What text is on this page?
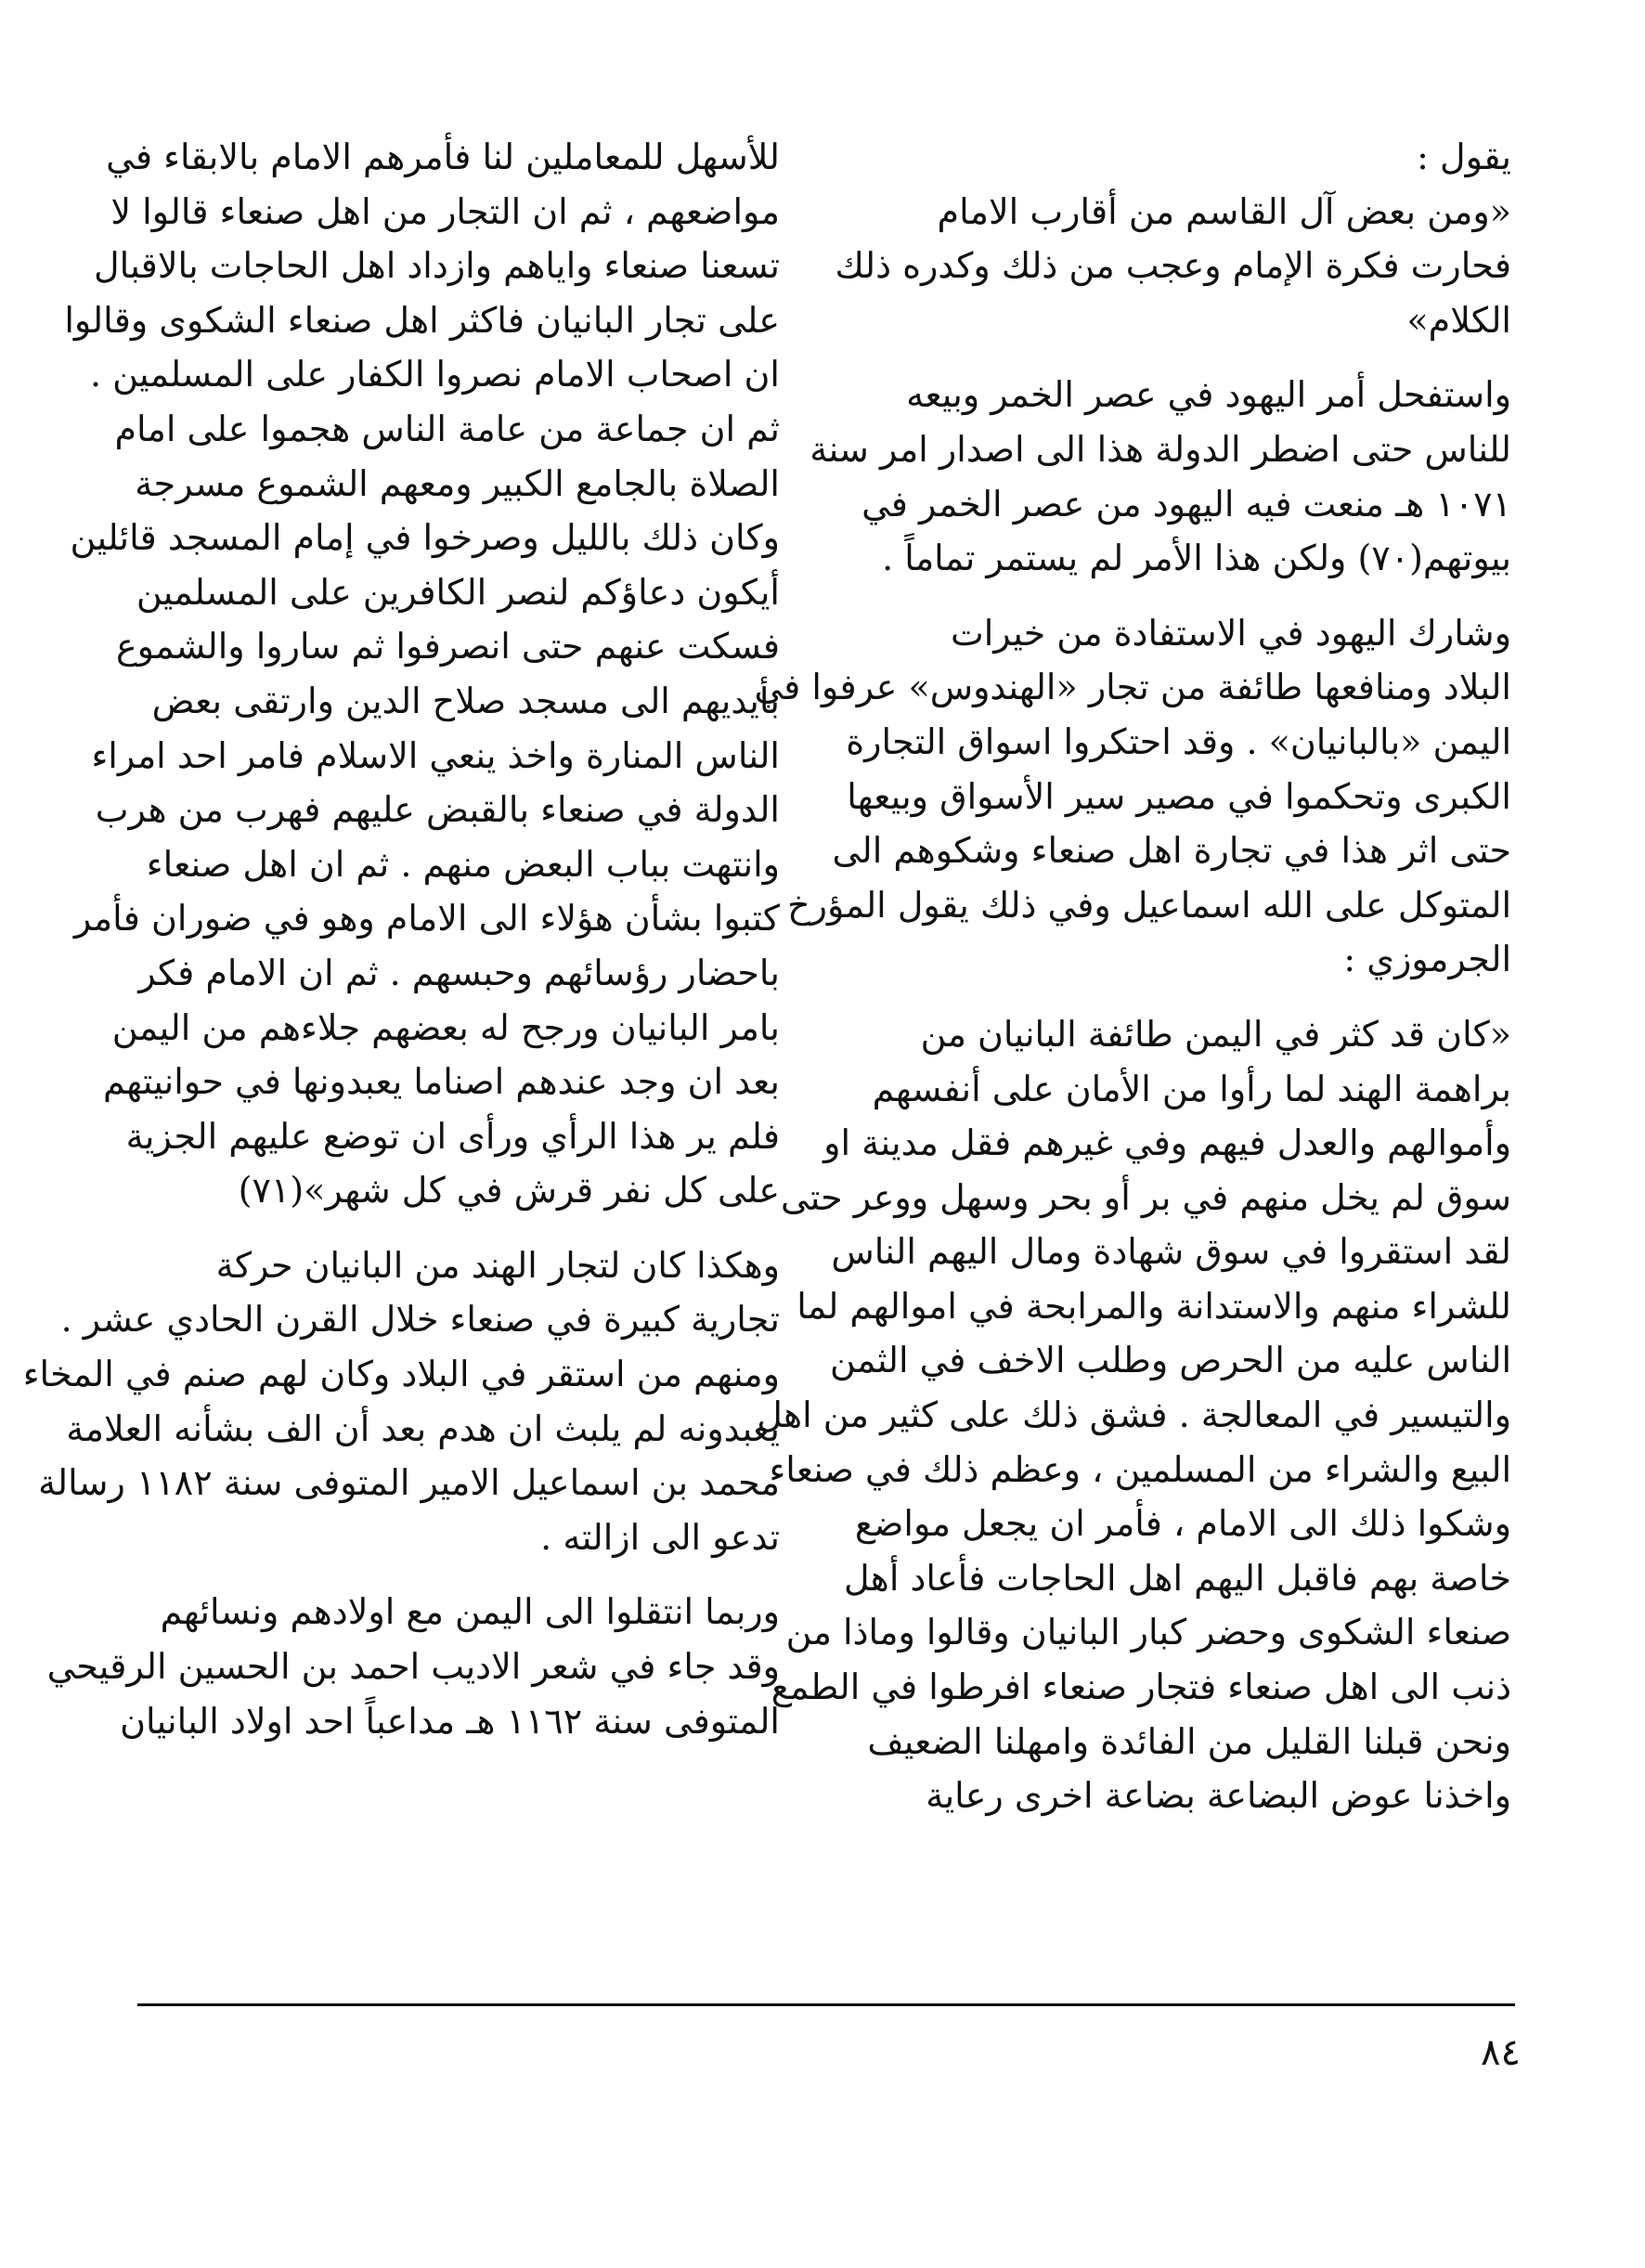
يقول :
«ومن بعض آل القاسم من أقارب الامام
فحارت فكرة الإمام وعجب من ذلك وكدره ذلك
الكلام»

واستفحل أمر اليهود في عصر الخمر وبيعه
للناس حتى اضطر الدولة هذا الى اصدار امر سنة
١٠٧١ هـ منعت فيه اليهود من عصر الخمر في
بيوتهم(٧٠) ولكن هذا الأمر لم يستمر تماماً .

وشارك اليهود في الاستفادة من خيرات
البلاد ومنافعها طائفة من تجار «الهندوس» عرفوا في
اليمن «بالبانيان» . وقد احتكروا اسواق التجارة
الكبرى وتحكموا في مصير سير الأسواق وبيعها
حتى اثر هذا في تجارة اهل صنعاء وشكوهم الى
المتوكل على الله اسماعيل وفي ذلك يقول المؤرخ
الجرموزي :

«كان قد كثر في اليمن طائفة البانيان من
براهمة الهند لما رأوا من الأمان على أنفسهم
وأموالهم والعدل فيهم وفي غيرهم فقل مدينة او
سوق لم يخل منهم في بر أو بحر وسهل ووعر حتى
لقد استقروا في سوق شهادة ومال اليهم الناس
للشراء منهم والاستدانة والمرابحة في اموالهم لما
الناس عليه من الحرص وطلب الاخف في الثمن
والتيسير في المعالجة . فشق ذلك على كثير من اهل
البيع والشراء من المسلمين ، وعظم ذلك في صنعاء
وشكوا ذلك الى الامام ، فأمر ان يجعل مواضع
خاصة بهم فاقبل اليهم اهل الحاجات فأعاد أهل
صنعاء الشكوى وحضر كبار البانيان وقالوا وماذا من
ذنب الى اهل صنعاء فتجار صنعاء افرطوا في الطمع
ونحن قبلنا القليل من الفائدة وامهلنا الضعيف
واخذنا عوض البضاعة بضاعة اخرى رعاية

للأسهل للمعاملين لنا فأمرهم الامام بالابقاء في
مواضعهم ، ثم ان التجار من اهل صنعاء قالوا لا
تسعنا صنعاء واياهم وازداد اهل الحاجات بالاقبال
على تجار البانيان فاكثر اهل صنعاء الشكوى وقالوا
ان اصحاب الامام نصروا الكفار على المسلمين .
ثم ان جماعة من عامة الناس هجموا على امام
الصلاة بالجامع الكبير ومعهم الشموع مسرجة
وكان ذلك بالليل وصرخوا في إمام المسجد قائلين
أيكون دعاؤكم لنصر الكافرين على المسلمين
فسكت عنهم حتى انصرفوا ثم ساروا والشموع
بأيديهم الى مسجد صلاح الدين وارتقى بعض
الناس المنارة واخذ ينعي الاسلام فامر احد امراء
الدولة في صنعاء بالقبض عليهم فهرب من هرب
وانتهت بباب البعض منهم . ثم ان اهل صنعاء
كتبوا بشأن هؤلاء الى الامام وهو في ضوران فأمر
باحضار رؤسائهم وحبسهم . ثم ان الامام فكر
بامر البانيان ورجح له بعضهم جلاءهم من اليمن
بعد ان وجد عندهم اصناما يعبدونها في حوانيتهم
فلم ير هذا الرأي ورأى ان توضع عليهم الجزية
على كل نفر قرش في كل شهر»(٧١)

وهكذا كان لتجار الهند من البانيان حركة
تجارية كبيرة في صنعاء خلال القرن الحادي عشر .
ومنهم من استقر في البلاد وكان لهم صنم في المخاء
يعبدونه لم يلبث ان هدم بعد أن الف بشأنه العلامة
محمد بن اسماعيل الامير المتوفى سنة ١١٨٢ رسالة
تدعو الى ازالته .

وربما انتقلوا الى اليمن مع اولادهم ونسائهم
وقد جاء في شعر الاديب احمد بن الحسين الرقيحي
المتوفى سنة ١١٦٢ هـ مداعباً احد اولاد البانيان

٨٤
